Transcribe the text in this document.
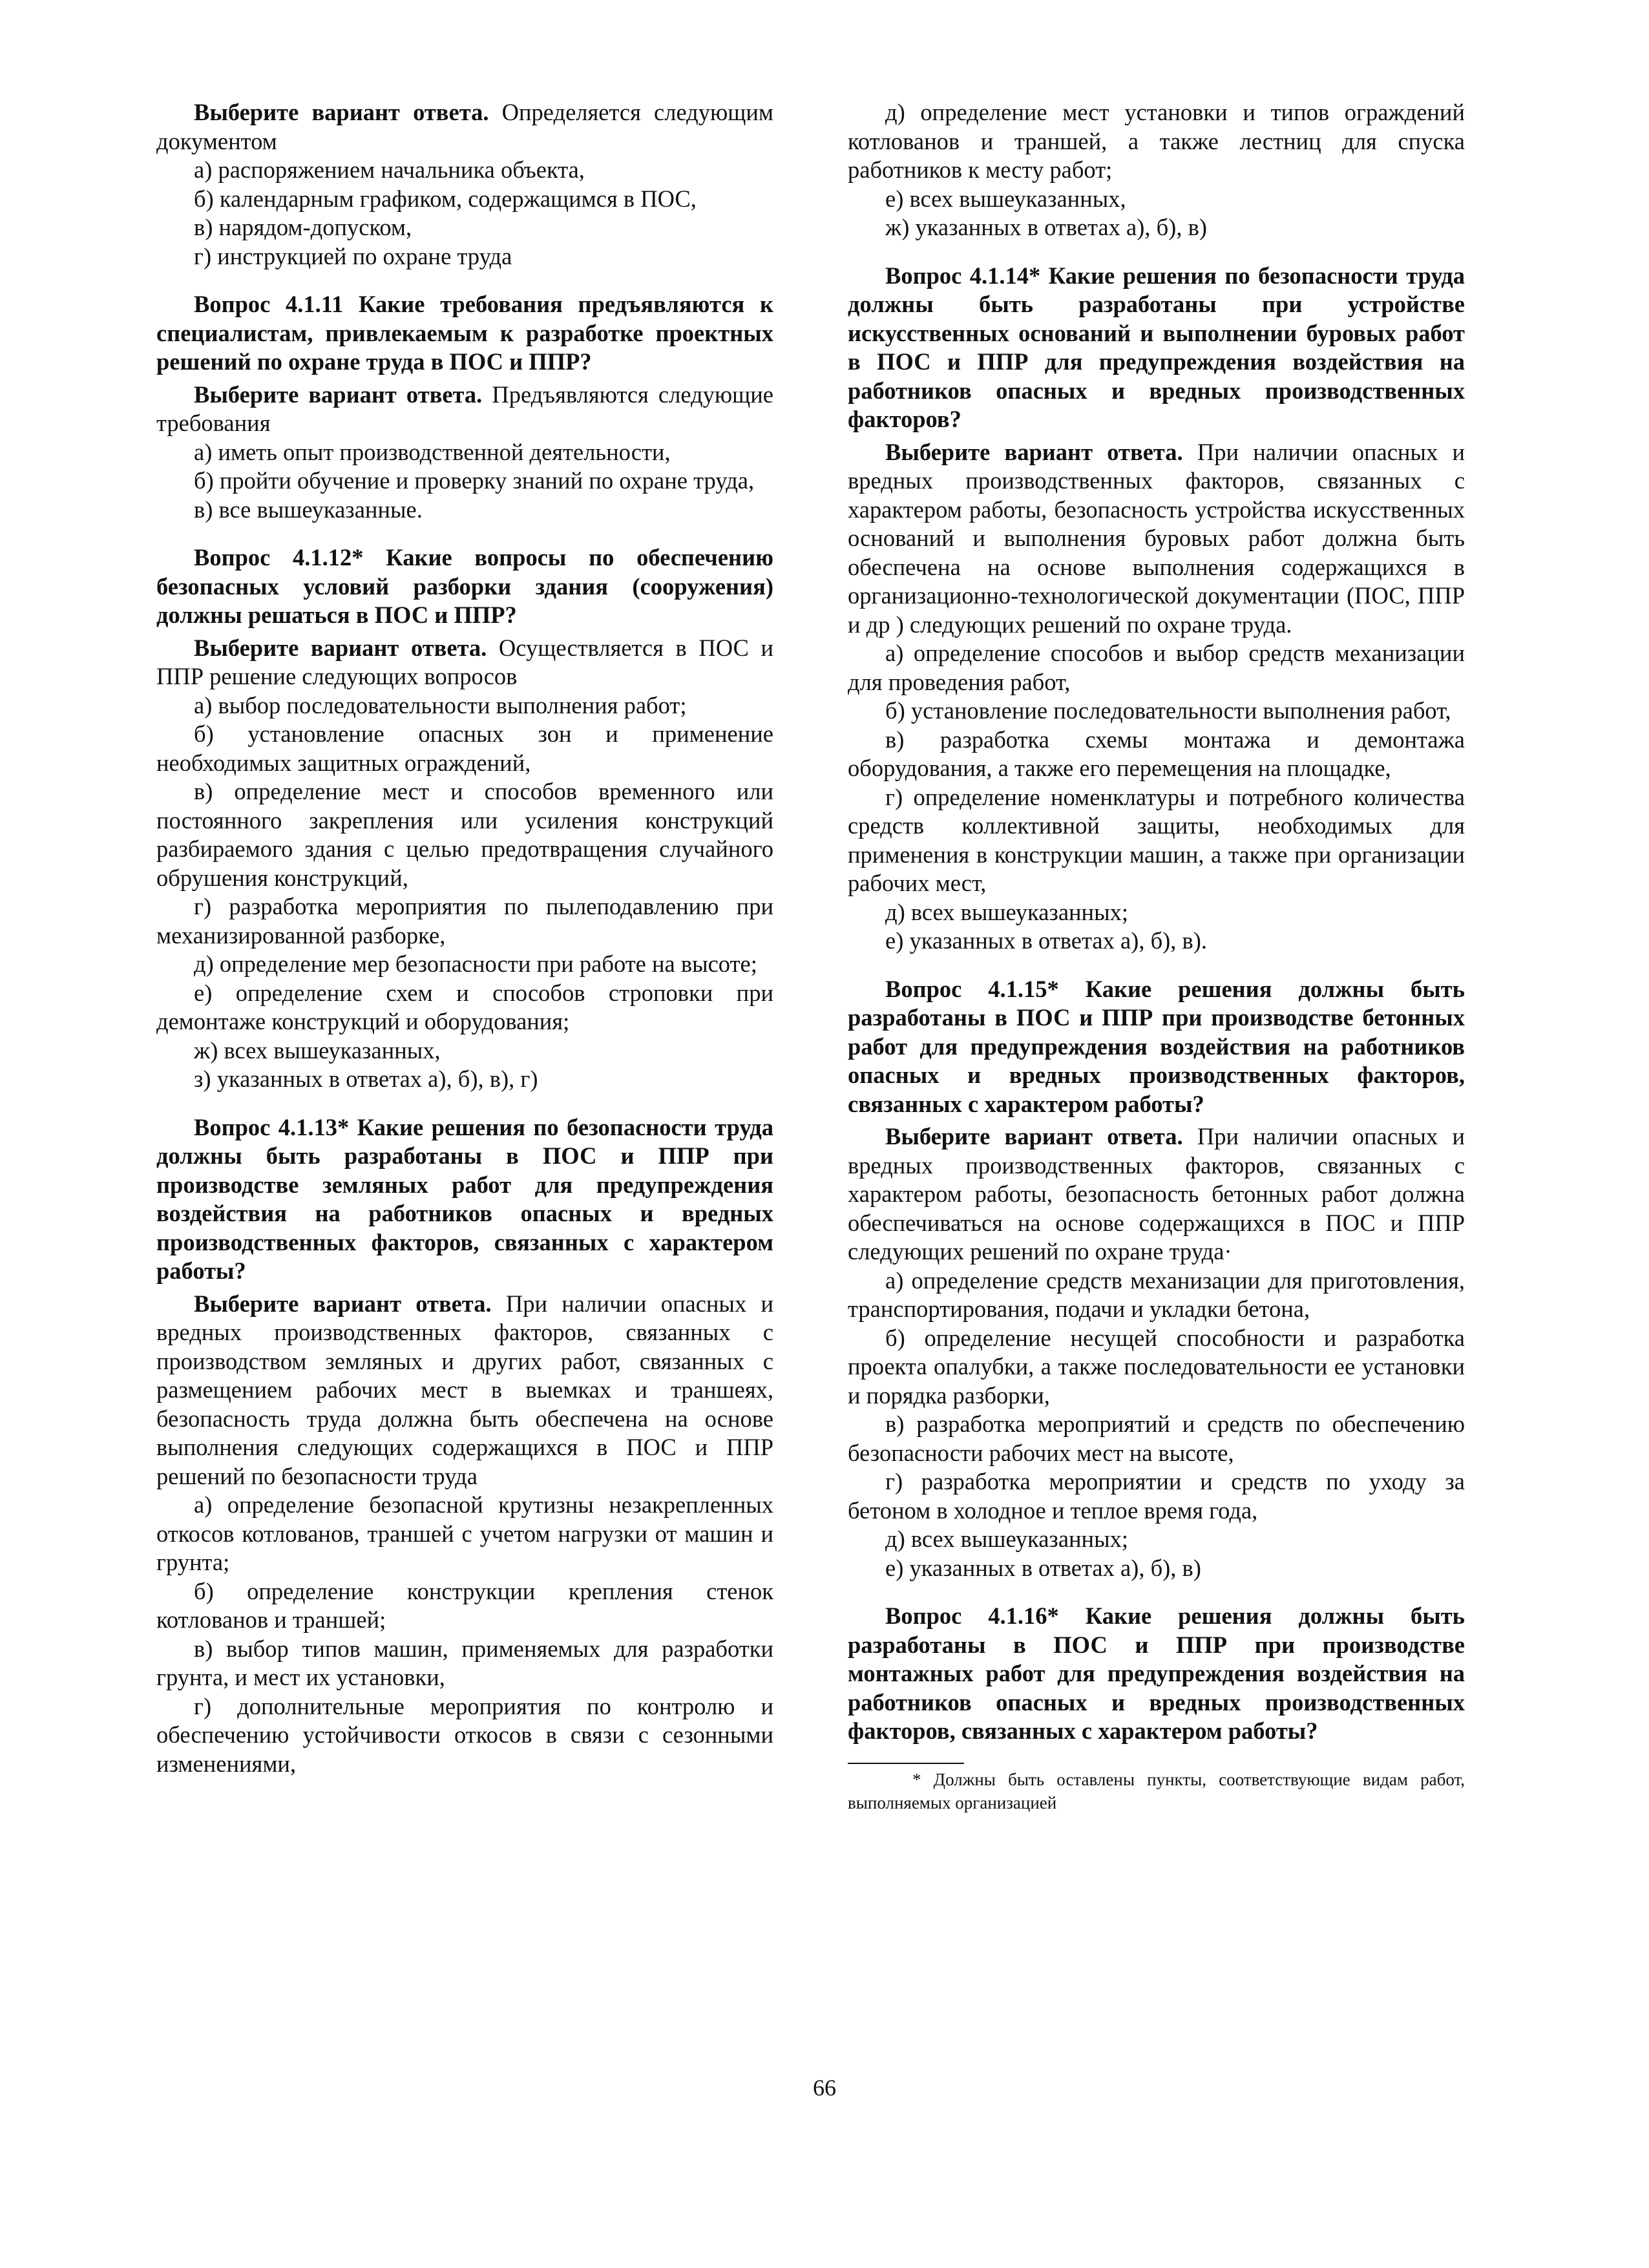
Выберите вариант ответа. Определяется следующим документом

а) распоряжением начальника объекта,

б) календарным графиком, содержащимся в ПОС,

в) нарядом-допуском,

г) инструкцией по охране труда

Вопрос 4.1.11 Какие требования предъявляются к специалистам, привлекаемым к разработке проектных решений по охране труда в ПОС и ППР?

Выберите вариант ответа. Предъявляются следующие требования

а) иметь опыт производственной деятельности,

б) пройти обучение и проверку знаний по охране труда,

в) все вышеуказанные.

Вопрос 4.1.12* Какие вопросы по обеспечению безопасных условий разборки здания (сооружения) должны решаться в ПОС и ППР?

Выберите вариант ответа. Осуществляется в ПОС и ППР решение следующих вопросов

а) выбор последовательности выполнения работ;

б) установление опасных зон и применение необходимых защитных ограждений,

в) определение мест и способов временного или постоянного закрепления или усиления конструкций разбираемого здания с целью предотвращения случайного обрушения конструкций,

г) разработка мероприятия по пылеподавлению при механизированной разборке,

д) определение мер безопасности при работе на высоте;

е) определение схем и способов строповки при демонтаже конструкций и оборудования;

ж) всех вышеуказанных,

з) указанных в ответах а), б), в), г)

Вопрос 4.1.13* Какие решения по безопасности труда должны быть разработаны в ПОС и ППР при производстве земляных работ для предупреждения воздействия на работников опасных и вредных производственных факторов, связанных с характером работы?

Выберите вариант ответа. При наличии опасных и вредных производственных факторов, связанных с производством земляных и других работ, связанных с размещением рабочих мест в выемках и траншеях, безопасность труда должна быть обеспечена на основе выполнения следующих содержащихся в ПОС и ППР решений по безопасности труда

а) определение безопасной крутизны незакрепленных откосов котлованов, траншей с учетом нагрузки от машин и грунта;

б) определение конструкции крепления стенок котлованов и траншей;

в) выбор типов машин, применяемых для разработки грунта, и мест их установки,

г) дополнительные мероприятия по контролю и обеспечению устойчивости откосов в связи с сезонными изменениями,

д) определение мест установки и типов ограждений котлованов и траншей, а также лестниц для спуска работников к месту работ;

е) всех вышеуказанных,

ж) указанных в ответах а), б), в)

Вопрос 4.1.14* Какие решения по безопасности труда должны быть разработаны при устройстве искусственных оснований и выполнении буровых работ в ПОС и ППР для предупреждения воздействия на работников опасных и вредных производственных факторов?

Выберите вариант ответа. При наличии опасных и вредных производственных факторов, связанных с характером работы, безопасность устройства искусственных оснований и выполнения буровых работ должна быть обеспечена на основе выполнения содержащихся в организационно-технологической документации (ПОС, ППР и др ) следующих решений по охране труда.

а) определение способов и выбор средств механизации для проведения работ,

б) установление последовательности выполнения работ,

в) разработка схемы монтажа и демонтажа оборудования, а также его перемещения на площадке,

г) определение номенклатуры и потребного количества средств коллективной защиты, необходимых для применения в конструкции машин, а также при организации рабочих мест,

д) всех вышеуказанных;

е) указанных в ответах а), б), в).

Вопрос 4.1.15* Какие решения должны быть разработаны в ПОС и ППР при производстве бетонных работ для предупреждения воздействия на работников опасных и вредных производственных факторов, связанных с характером работы?

Выберите вариант ответа. При наличии опасных и вредных производственных факторов, связанных с характером работы, безопасность бетонных работ должна обеспечиваться на основе содержащихся в ПОС и ППР следующих решений по охране труда·

а) определение средств механизации для приготовления, транспортирования, подачи и укладки бетона,

б) определение несущей способности и разработка проекта опалубки, а также последовательности ее установки и порядка разборки,

в) разработка мероприятий и средств по обеспечению безопасности рабочих мест на высоте,

г) разработка мероприятии и средств по уходу за бетоном в холодное и теплое время года,

д) всех вышеуказанных;

е) указанных в ответах а), б), в)

Вопрос 4.1.16* Какие решения должны быть разработаны в ПОС и ППР при производстве монтажных работ для предупреждения воздействия на работников опасных и вредных производственных факторов, связанных с характером работы?

* Должны быть оставлены пункты, соответствующие видам работ, выполняемых организацией

66
